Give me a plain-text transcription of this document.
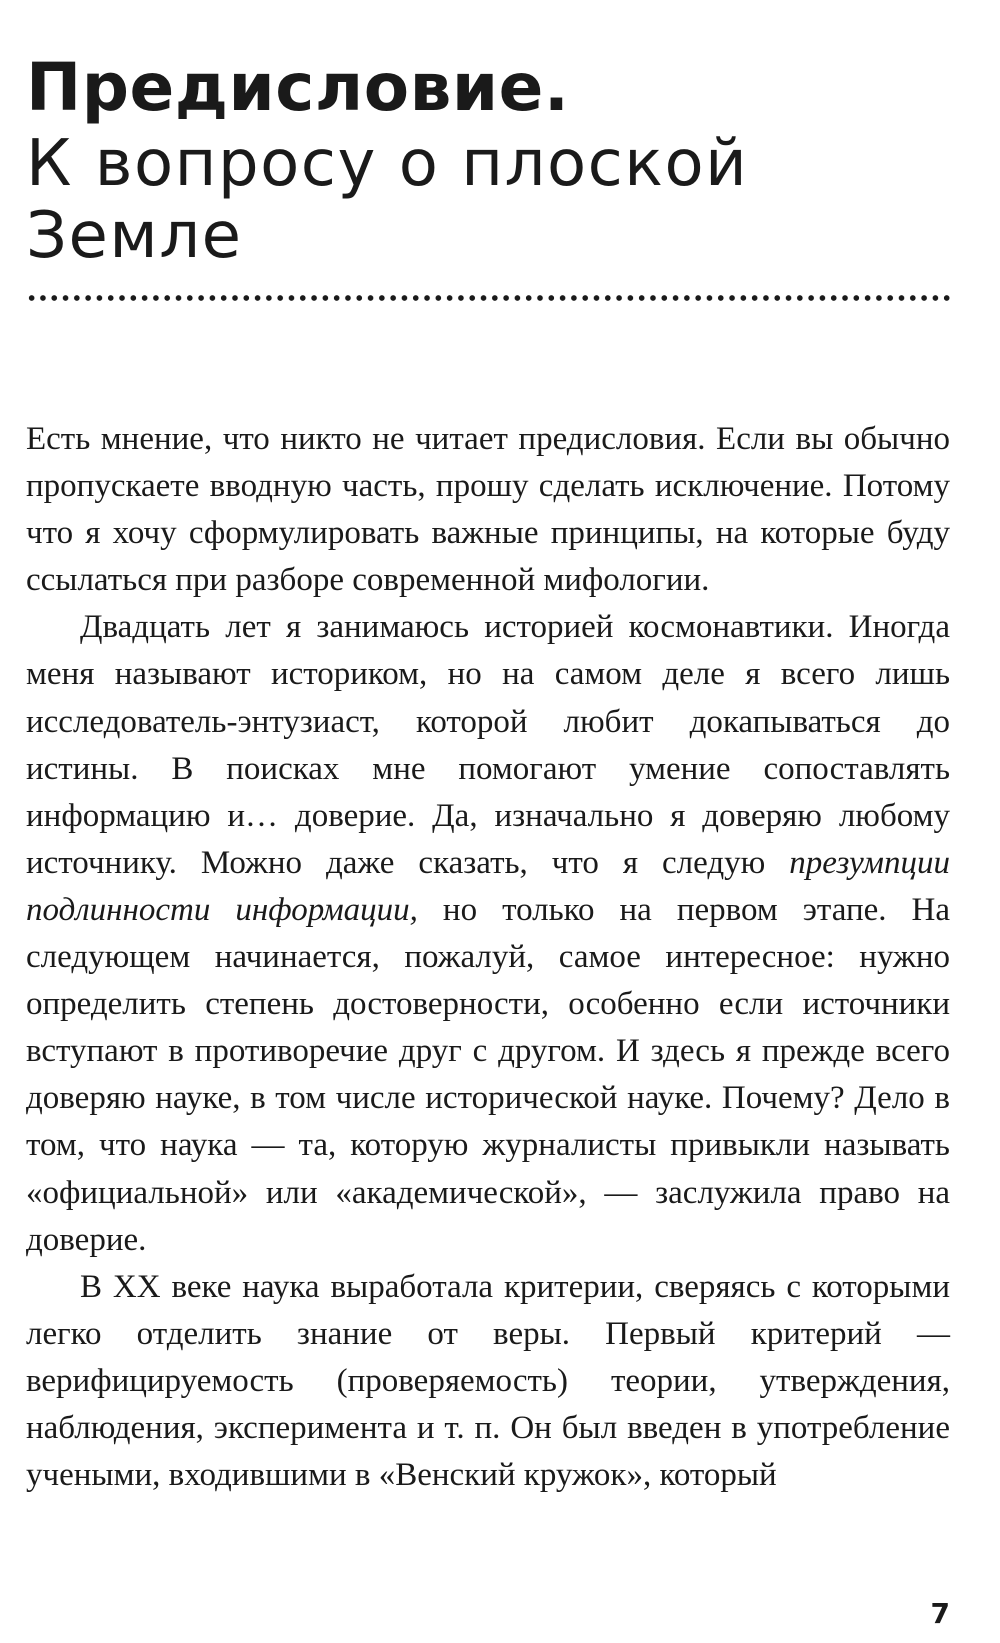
Предисловие.
К вопросу о плоской
Земле

Есть мнение, что никто не читает предисловия. Если вы обычно пропускаете вводную часть, прошу сделать исключение. Потому что я хочу сформулировать важные принципы, на которые буду ссылаться при разборе современной мифологии.

Двадцать лет я занимаюсь историей космонавтики. Иногда меня называют историком, но на самом деле я всего лишь исследователь-энтузиаст, которой любит докапываться до истины. В поисках мне помогают умение сопоставлять информацию и… доверие. Да, изначально я доверяю любому источнику. Можно даже сказать, что я следую презумпции подлинности информации, но только на первом этапе. На следующем начинается, пожалуй, самое интересное: нужно определить степень достоверности, особенно если источники вступают в противоречие друг с другом. И здесь я прежде всего доверяю науке, в том числе исторической науке. Почему? Дело в том, что наука — та, которую журналисты привыкли называть «официальной» или «академической», — заслужила право на доверие.

В XX веке наука выработала критерии, сверяясь с которыми легко отделить знание от веры. Первый критерий — верифицируемость (проверяемость) теории, утверждения, наблюдения, эксперимента и т. п. Он был введен в употребление учеными, входившими в «Венский кружок», который

7
